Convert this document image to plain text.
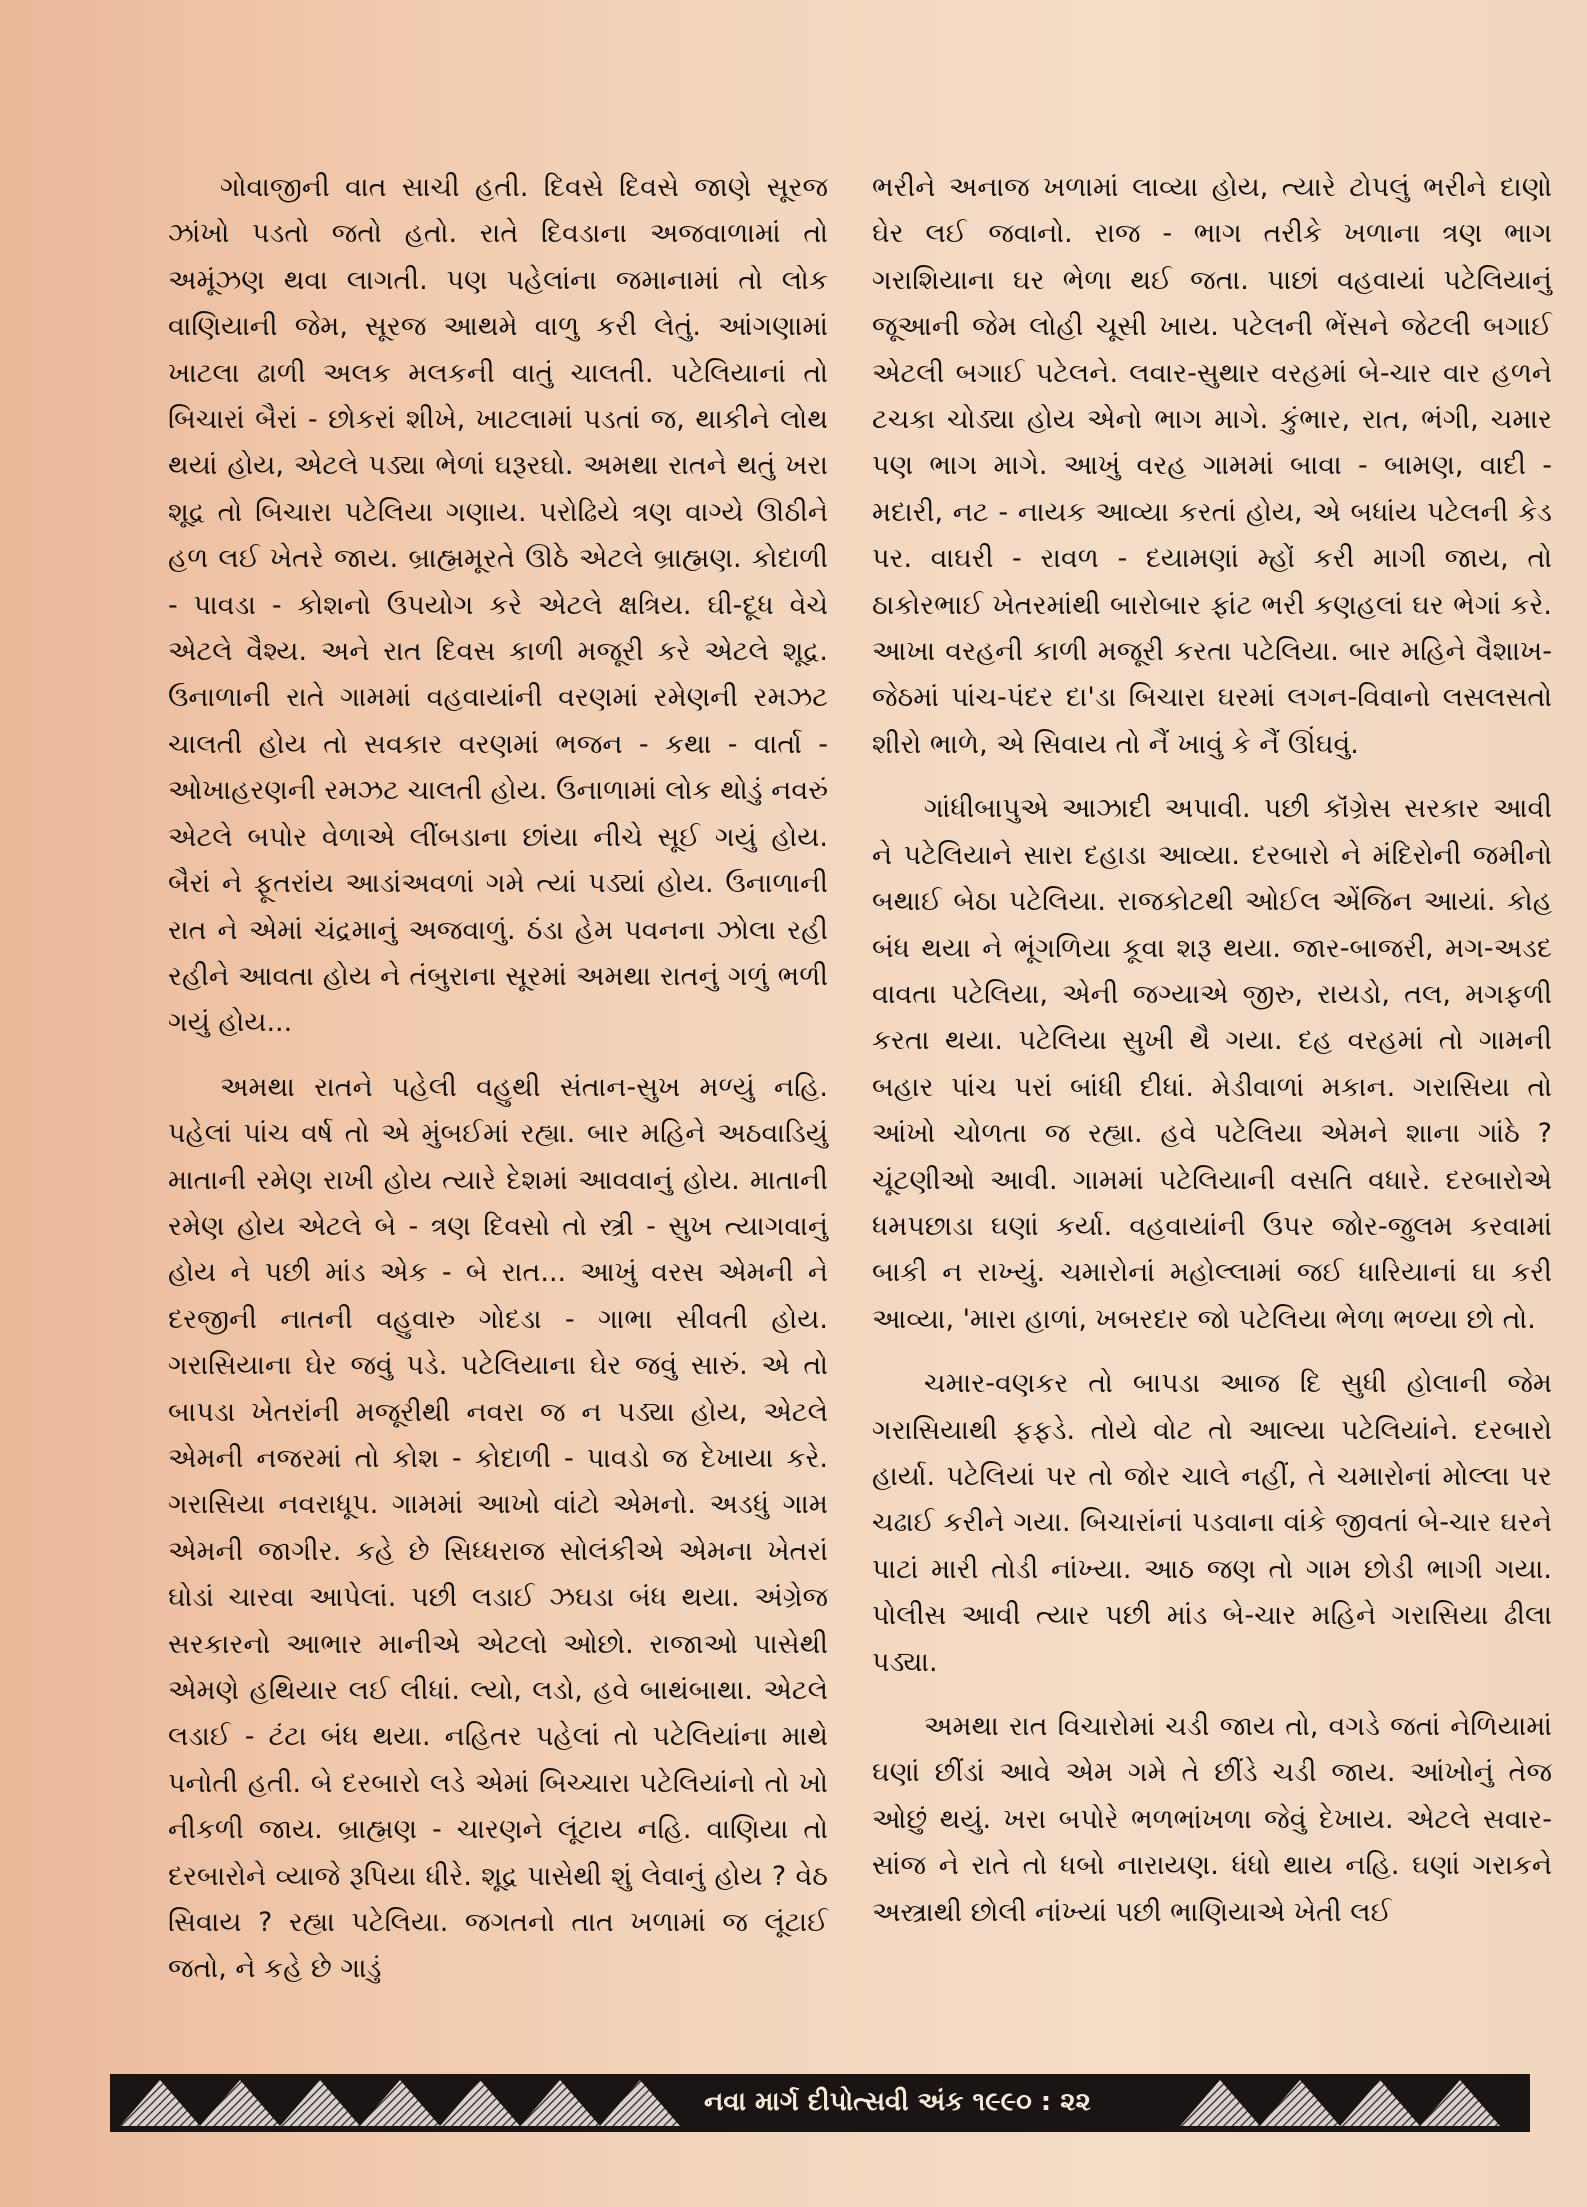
ગોવાજીની વાત સાચી હતી. દિવસે દિવસે જાણે સૂરજ ઝાંખો પડતો જતો હતો. રાતે દિવડાના અજવાળામાં તો અમૂંઝણ થવા લાગતી. પણ પહેલાંના જમાનામાં તો લોક વાણિયાની જેમ, સૂરજ આથમે વાળુ કરી લેતું. આંગણામાં ખાટલા ઢાળી અલક મલકની વાતું ચાલતી. પટેલિયાનાં તો બિચારાં બૈરાં - છોકરાં શીખે, ખાટલામાં પડતાં જ, થાકીને લોથ થયાં હોય, એટલે પડ્યા ભેળાં ઘરૂરઘો. અમથા રાતને થતું ખરા શૂદ્ર તો બિચારા પટેલિયા ગણાય. પરોઢિયે ત્રણ વાગ્યે ઊઠીને હળ લઈ ખેતરે જાય. બ્રાહ્મમૂરતે ઊઠે એટલે બ્રાહ્મણ. કોદાળી - પાવડા - કોશનો ઉપયોગ કરે એટલે ક્ષત્રિય. ઘી-દૂધ વેચે એટલે વૈશ્ય. અને રાત દિવસ કાળી મજૂરી કરે એટલે શૂદ્ર. ઉનાળાની રાતે ગામમાં વહવાયાંની વરણમાં રમેણની રમઝટ ચાલતી હોય તો સવકાર વરણમાં ભજન - કથા - વાર્તા - ઓખાહરણની રમઝટ ચાલતી હોય. ઉનાળામાં લોક થોડું નવરું એટલે બપોર વેળાએ લીંબડાના છાંયા નીચે સૂઈ ગયું હોય. બૈરાં ને ફૂતરાંય આડાંઅવળાં ગમે ત્યાં પડ્યાં હોય. ઉનાળાની રાત ને એમાં ચંદ્રમાનું અજવાળું. ઠંડા હેમ પવનના ઝોલા રહી રહીને આવતા હોય ને તંબુરાના સૂરમાં અમથા રાતનું ગળું ભળી ગયું હોય...

અમથા રાતને પહેલી વહુથી સંતાન-સુખ મળ્યું નહિ. પહેલાં પાંચ વર્ષ તો એ મુંબઈમાં રહ્યા. બાર મહિને અઠવાડિયું માતાની રમેણ રાખી હોય ત્યારે દેશમાં આવવાનું હોય. માતાની રમેણ હોય એટલે બે - ત્રણ દિવસો તો સ્ત્રી - સુખ ત્યાગવાનું હોય ને પછી માંડ એક - બે રાત... આખું વરસ એમની ને દરજીની નાતની વહુવારુ ગોદડા - ગાભા સીવતી હોય. ગરાસિયાના ઘેર જવું પડે. પટેલિયાના ઘેર જવું સારું. એ તો બાપડા ખેતરાંની મજૂરીથી નવરા જ ન પડ્યા હોય, એટલે એમની નજરમાં તો કોશ - કોદાળી - પાવડો જ દેખાયા કરે. ગરાસિયા નવરાધૂપ. ગામમાં આખો વાંટો એમનો. અડધું ગામ એમની જાગીર. કહે છે સિધ્ધરાજ સોલંકીએ એમના ખેતરાં ઘોડાં ચારવા આપેલાં. પછી લડાઈ ઝઘડા બંધ થયા. અંગ્રેજ સરકારનો આભાર માનીએ એટલો ઓછો. રાજાઓ પાસેથી એમણે હથિયાર લઈ લીધાં. લ્યો, લડો, હવે બાથંબાથા. એટલે લડાઈ - ટંટા બંધ થયા. નહિતર પહેલાં તો પટેલિયાંના માથે પનોતી હતી. બે દરબારો લડે એમાં બિચ્ચારા પટેલિયાંનો તો ખો નીકળી જાય. બ્રાહ્મણ - ચારણને લૂંટાય નહિ. વાણિયા તો દરબારોને વ્યાજે રૂપિયા ધીરે. શૂદ્ર પાસેથી શું લેવાનું હોય ? વેઠ સિવાય ? રહ્યા પટેલિયા. જગતનો તાત ખળામાં જ લૂંટાઈ જતો, ને કહે છે ગાડું

ભરીને અનાજ ખળામાં લાવ્યા હોય, ત્યારે ટોપલું ભરીને દાણો ઘેર લઈ જવાનો. રાજ - ભાગ તરીકે ખળાના ત્રણ ભાગ ગરાશિયાના ઘર ભેળા થઈ જતા. પાછાં વહવાયાં પટેલિયાનું જૂઆની જેમ લોહી ચૂસી ખાય. પટેલની ભેંસને જેટલી બગાઈ એટલી બગાઈ પટેલને. લવાર-સુથાર વરહમાં બે-ચાર વાર હળને ટચકા ચોડ્યા હોય એનો ભાગ માગે. કુંભાર, રાત, ભંગી, ચમાર પણ ભાગ માગે. આખું વરહ ગામમાં બાવા - બામણ, વાદી - મદારી, નટ - નાયક આવ્યા કરતાં હોય, એ બધાંય પટેલની કેડ પર. વાઘરી - રાવળ - દયામણાં મ્હોં કરી માગી જાય, તો ઠાકોરભાઈ ખેતરમાંથી બારોબાર ફાંટ ભરી કણહલાં ઘર ભેગાં કરે. આખા વરહની કાળી મજૂરી કરતા પટેલિયા. બાર મહિને વૈશાખ-જેઠમાં પાંચ-પંદર દા'ડા બિચારા ઘરમાં લગન-વિવાનો લસલસતો શીરો ભાળે, એ સિવાય તો નૈં ખાવું કે નૈં ઊંઘવું.

ગાંધીબાપુએ આઝાદી અપાવી. પછી કૉંગ્રેસ સરકાર આવી ને પટેલિયાને સારા દહાડા આવ્યા. દરબારો ને મંદિરોની જમીનો બથાઈ બેઠા પટેલિયા. રાજકોટથી ઓઈલ એંજિન આયાં. કોહ બંધ થયા ને ભૂંગળિયા કૂવા શરૂ થયા. જાર-બાજરી, મગ-અડદ વાવતા પટેલિયા, એની જગ્યાએ જીરુ, રાયડો, તલ, મગફળી કરતા થયા. પટેલિયા સુખી થૈ ગયા. દહ વરહમાં તો ગામની બહાર પાંચ પરાં બાંધી દીધાં. મેડીવાળાં મકાન. ગરાસિયા તો આંખો ચોળતા જ રહ્યા. હવે પટેલિયા એમને શાના ગાંઠે ? ચૂંટણીઓ આવી. ગામમાં પટેલિયાની વસતિ વધારે. દરબારોએ ધમપછાડા ઘણાં કર્યા. વહવાયાંની ઉપર જોર-જુલમ કરવામાં બાકી ન રાખ્યું. ચમારોનાં મહોલ્લામાં જઈ ધારિયાનાં ઘા કરી આવ્યા, 'મારા હાળાં, ખબરદાર જો પટેલિયા ભેળા ભળ્યા છો તો.

ચમાર-વણકર તો બાપડા આજ દિ સુધી હોલાની જેમ ગરાસિયાથી ફફડે. તોયે વોટ તો આલ્યા પટેલિયાંને. દરબારો હાર્યા. પટેલિયાં પર તો જોર ચાલે નહીં, તે ચમારોનાં મોલ્લા પર ચઢાઈ કરીને ગયા. બિચારાંનાં પડવાના વાંકે જીવતાં બે-ચાર ઘરને પાટાં મારી તોડી નાંખ્યા. આઠ જણ તો ગામ છોડી ભાગી ગયા. પોલીસ આવી ત્યાર પછી માંડ બે-ચાર મહિને ગરાસિયા ઢીલા પડ્યા.

અમથા રાત વિચારોમાં ચડી જાય તો, વગડે જતાં નેળિયામાં ઘણાં છીંડાં આવે એમ ગમે તે છીંડે ચડી જાય. આંખોનું તેજ ઓછું થયું. ખરા બપોરે ભળભાંખળા જેવું દેખાય. એટલે સવાર-સાંજ ને રાતે તો ધબો નારાયણ. ધંધો થાય નહિ. ઘણાં ગરાકને અસ્ત્રાથી છોલી નાંખ્યાં પછી ભાણિયાએ ખેતી લઈ

નવા માર્ગ દીપોત્સવી અંક ૧૯૯૦ : ૨૨
